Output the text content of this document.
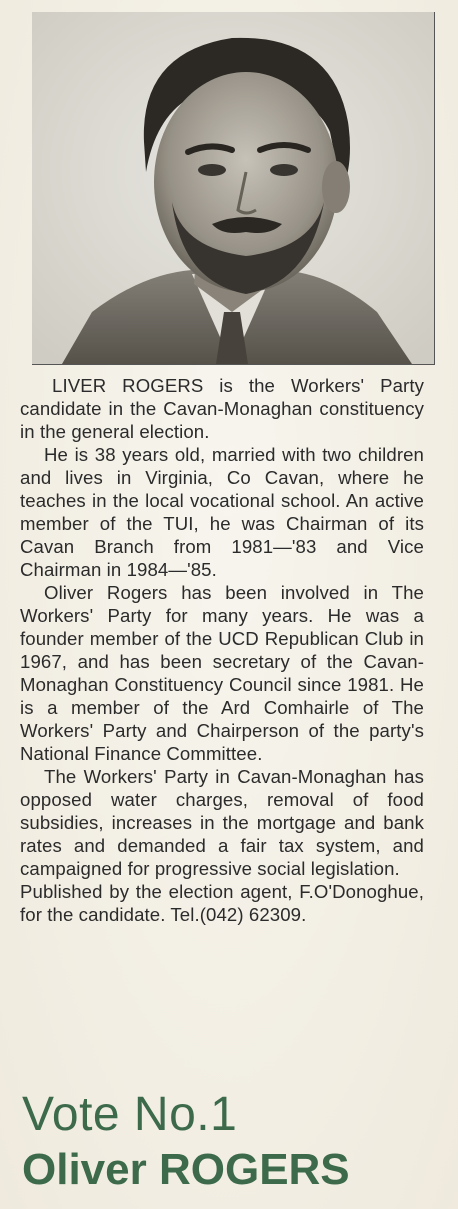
LIVER ROGERS is the Workers' Party candidate in the Cavan-Monaghan constituency in the general election.

He is 38 years old, married with two children and lives in Virginia, Co Cavan, where he teaches in the local vocational school. An active member of the TUI, he was Chairman of its Cavan Branch from 1981—'83 and Vice Chairman in 1984—'85.

Oliver Rogers has been involved in The Workers' Party for many years. He was a founder member of the UCD Republican Club in 1967, and has been secretary of the Cavan-Monaghan Constituency Council since 1981. He is a member of the Ard Comhairle of The Workers' Party and Chairperson of the party's National Finance Committee.

The Workers' Party in Cavan-Monaghan has opposed water charges, removal of food subsidies, increases in the mortgage and bank rates and demanded a fair tax system, and campaigned for progressive social legislation.

Published by the election agent, F.O'Donoghue, for the candidate. Tel.(042) 62309.

Vote No.1
Oliver ROGERS
